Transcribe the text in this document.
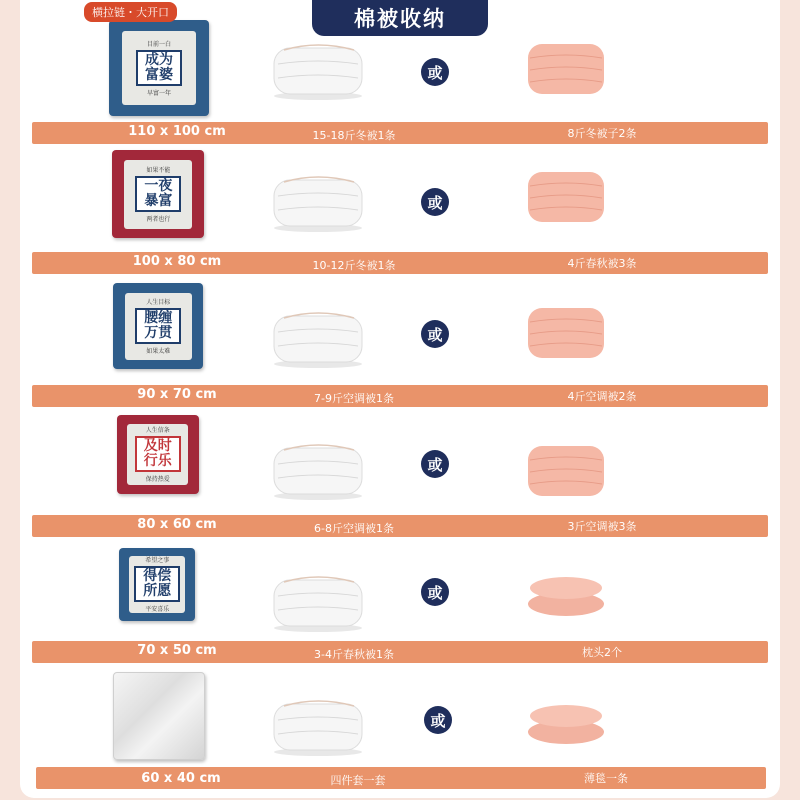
棉被收纳
横拉链・大开口
目前一白
成为富婆
早富一年
或
110 x 100 cm	15-18斤冬被1条	8斤冬被子2条
如果不能
一夜暴富
两者也行
或
100 x 80 cm	10-12斤冬被1条	4斤春秋被3条
人生目标
腰缠万贯
如果太难
或
90 x 70 cm	7-9斤空调被1条	4斤空调被2条
人生信条
及时行乐
保持热爱
或
80 x 60 cm	6-8斤空调被1条	3斤空调被3条
希望之事
得偿所愿
平安喜乐
或
70 x 50 cm	3-4斤春秋被1条	枕头2个
或
60 x 40 cm	四件套一套	薄毯一条
